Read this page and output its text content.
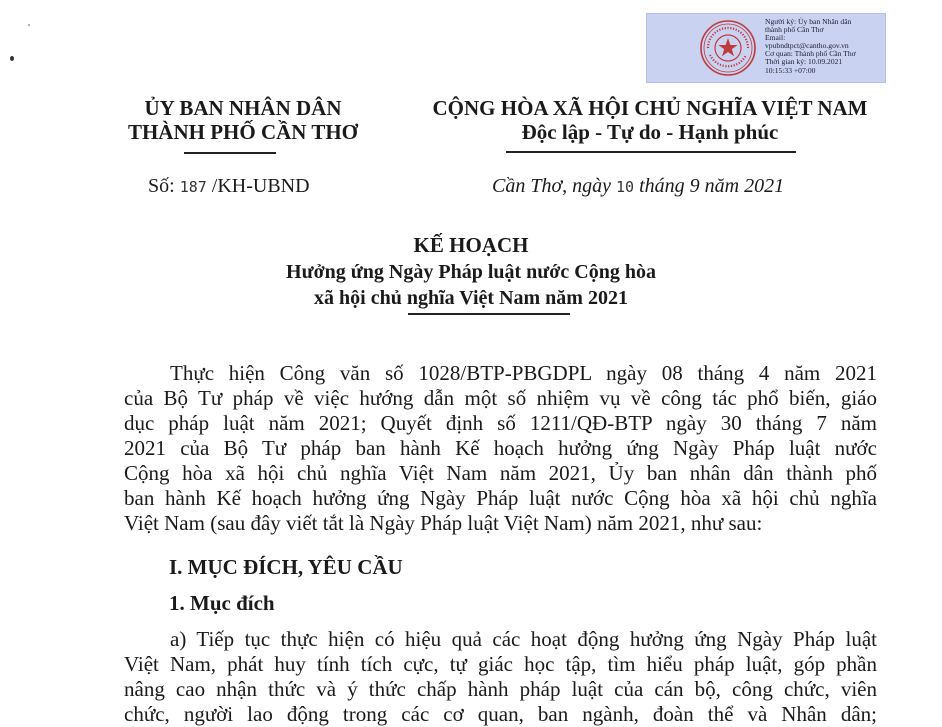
Người ký: Ủy ban Nhân dân
thành phố Cần Thơ
Email:
vpubndtpct@cantho.gov.vn
Cơ quan: Thành phố Cần Thơ
Thời gian ký: 10.09.2021
10:15:33 +07:00
ỦY BAN NHÂN DÂN
THÀNH PHỐ CẦN THƠ
CỘNG HÒA XÃ HỘI CHỦ NGHĨA VIỆT NAM
Độc lập - Tự do - Hạnh phúc
Số: 187 /KH-UBND	Cần Thơ, ngày 10 tháng 9 năm 2021
KẾ HOẠCH
Hưởng ứng Ngày Pháp luật nước Cộng hòa
xã hội chủ nghĩa Việt Nam năm 2021
Thực hiện Công văn số 1028/BTP-PBGDPL ngày 08 tháng 4 năm 2021
của Bộ Tư pháp về việc hướng dẫn một số nhiệm vụ về công tác phổ biến, giáo
dục pháp luật năm 2021; Quyết định số 1211/QĐ-BTP ngày 30 tháng 7 năm
2021 của Bộ Tư pháp ban hành Kế hoạch hưởng ứng Ngày Pháp luật nước
Cộng hòa xã hội chủ nghĩa Việt Nam năm 2021, Ủy ban nhân dân thành phố
ban hành Kế hoạch hưởng ứng Ngày Pháp luật nước Cộng hòa xã hội chủ nghĩa
Việt Nam (sau đây viết tắt là Ngày Pháp luật Việt Nam) năm 2021, như sau:
I. MỤC ĐÍCH, YÊU CẦU
1. Mục đích
a) Tiếp tục thực hiện có hiệu quả các hoạt động hưởng ứng Ngày Pháp luật
Việt Nam, phát huy tính tích cực, tự giác học tập, tìm hiểu pháp luật, góp phần
nâng cao nhận thức và ý thức chấp hành pháp luật của cán bộ, công chức, viên
chức, người lao động trong các cơ quan, ban ngành, đoàn thể và Nhân dân;
